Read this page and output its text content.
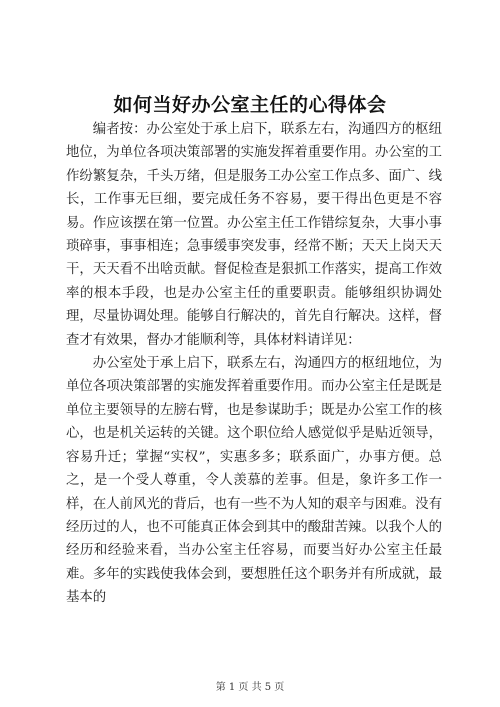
如何当好办公室主任的心得体会

编者按：办公室处于承上启下，联系左右，沟通四方的枢纽地位，为单位各项决策部署的实施发挥着重要作用。办公室的工作纷繁复杂，千头万绪，但是服务工办公室工作点多、面广、线长，工作事无巨细，要完成任务不容易，要干得出色更是不容易。作应该摆在第一位置。办公室主任工作错综复杂，大事小事琐碎事，事事相连；急事缓事突发事，经常不断；天天上岗天天干，天天看不出啥贡献。督促检查是狠抓工作落实，提高工作效率的根本手段，也是办公室主任的重要职责。能够组织协调处理，尽量协调处理。能够自行解决的，首先自行解决。这样，督查才有效果，督办才能顺利等，具体材料请详见：

办公室处于承上启下，联系左右，沟通四方的枢纽地位，为单位各项决策部署的实施发挥着重要作用。而办公室主任是既是单位主要领导的左膀右臂，也是参谋助手；既是办公室工作的核心，也是机关运转的关键。这个职位给人感觉似乎是贴近领导，容易升迁；掌握“实权”，实惠多多；联系面广，办事方便。总之，是一个受人尊重，令人羡慕的差事。但是，象许多工作一样，在人前风光的背后，也有一些不为人知的艰辛与困难。没有经历过的人，也不可能真正体会到其中的酸甜苦辣。以我个人的经历和经验来看，当办公室主任容易，而要当好办公室主任最难。多年的实践使我体会到，要想胜任这个职务并有所成就，最基本的

第 1 页 共 5 页
